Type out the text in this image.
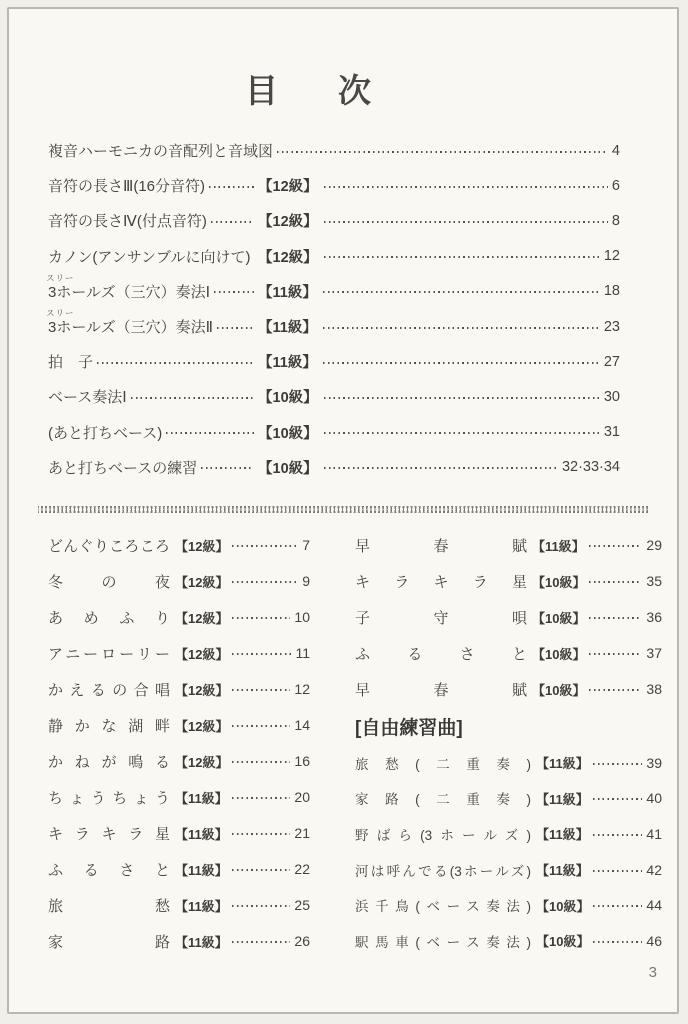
目 次
複音ハーモニカの音配列と音域図	4
音符の長さⅢ(16分音符)	【12級】	6
音符の長さⅣ(付点音符)	【12級】	8
カノン(アンサンブルに向けて) 【12級】	12
スリー
3ホールズ（三穴）奏法Ⅰ	【11級】	18
スリー
3ホールズ（三穴）奏法Ⅱ	【11級】	23
拍　子	【11級】	27
ベース奏法Ⅰ	【10級】	30
(あと打ちベース)	【10級】	31
あと打ちベースの練習	【10級】	32·33·34
どんぐりころころ 【12級】	7
冬の夜 【12級】	9
あめふり 【12級】	10
アニーローリー 【12級】	11
かえるの合唱 【12級】	12
静かな湖畔 【12級】	14
かねが鳴る 【12級】	16
ちょうちょう 【11級】	20
キラキラ星 【11級】	21
ふるさと 【11級】	22
旅愁 【11級】	25
家路 【11級】	26
早春賦 【11級】	29
キラキラ星 【10級】	35
子守唄 【10級】	36
ふるさと 【10級】	37
早春賦 【10級】	38
[自由練習曲]
旅愁(二重奏) 【11級】	39
家路(二重奏) 【11級】	40
野ばら(3ホールズ) 【11級】	41
河は呼んでる(3ホールズ) 【11級】	42
浜千鳥(ベース奏法) 【10級】	44
駅馬車(ベース奏法) 【10級】	46
3
